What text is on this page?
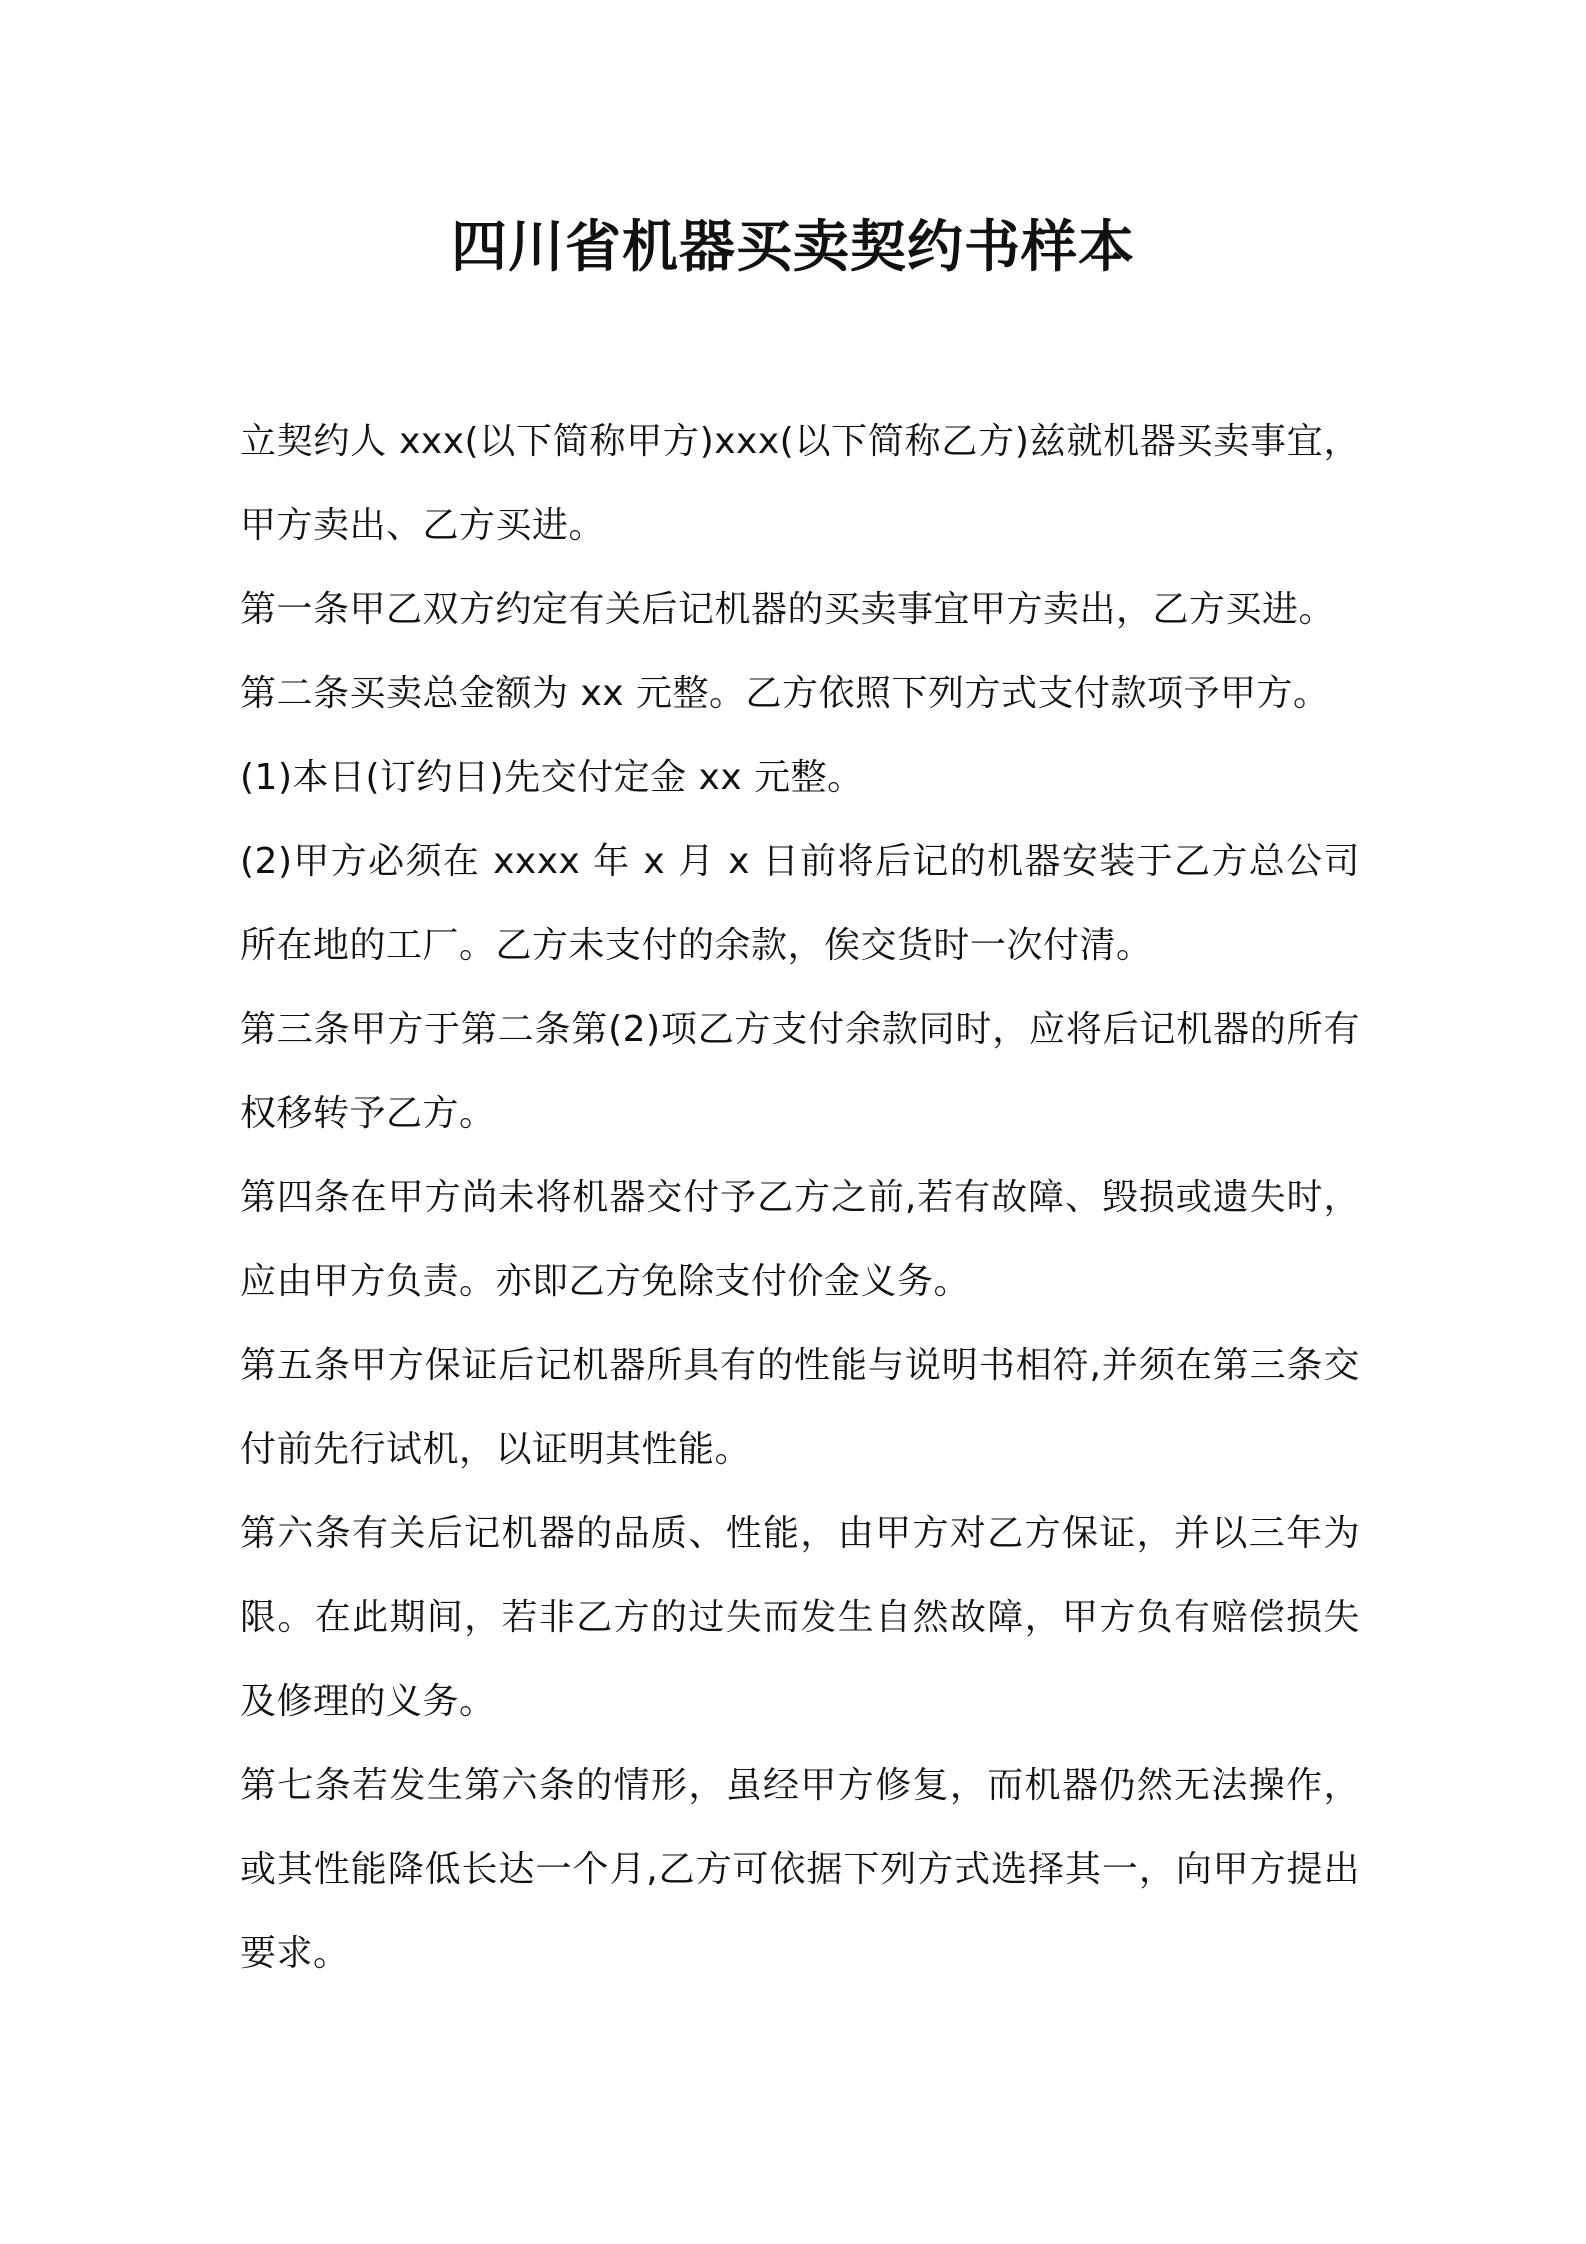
四川省机器买卖契约书样本

立契约人 xxx(以下简称甲方)xxx(以下简称乙方)兹就机器买卖事宜，甲方卖出、乙方买进。

第一条甲乙双方约定有关后记机器的买卖事宜甲方卖出，乙方买进。

第二条买卖总金额为 xx 元整。乙方依照下列方式支付款项予甲方。

(1)本日(订约日)先交付定金 xx 元整。

(2)甲方必须在 xxxx 年 x 月 x 日前将后记的机器安装于乙方总公司所在地的工厂。乙方未支付的余款，俟交货时一次付清。

第三条甲方于第二条第(2)项乙方支付余款同时，应将后记机器的所有权移转予乙方。

第四条在甲方尚未将机器交付予乙方之前,若有故障、毁损或遗失时，应由甲方负责。亦即乙方免除支付价金义务。

第五条甲方保证后记机器所具有的性能与说明书相符,并须在第三条交付前先行试机，以证明其性能。

第六条有关后记机器的品质、性能，由甲方对乙方保证，并以三年为限。在此期间，若非乙方的过失而发生自然故障，甲方负有赔偿损失及修理的义务。

第七条若发生第六条的情形，虽经甲方修复，而机器仍然无法操作，或其性能降低长达一个月,乙方可依据下列方式选择其一，向甲方提出要求。
